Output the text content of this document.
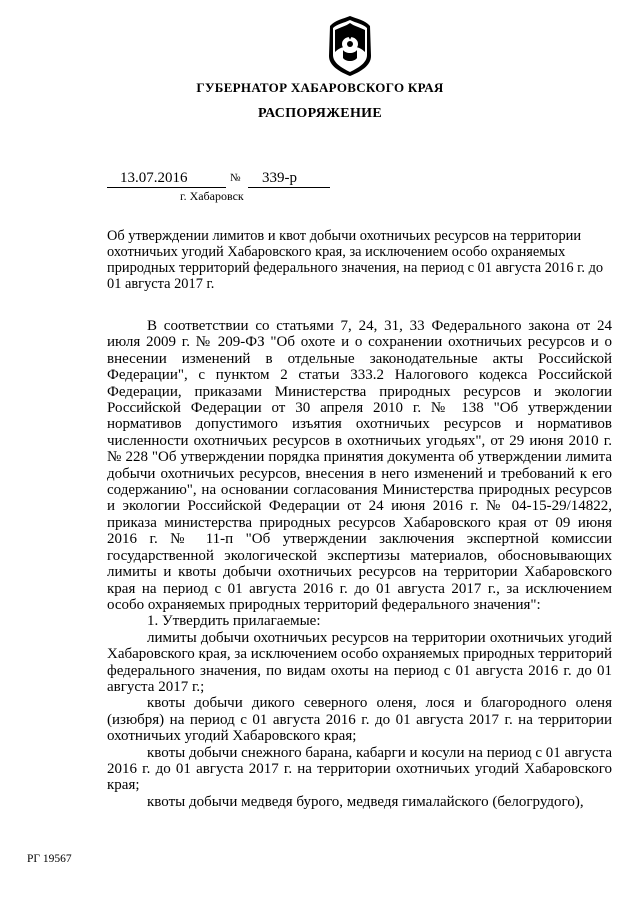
ГУБЕРНАТОР ХАБАРОВСКОГО КРАЯ
РАСПОРЯЖЕНИЕ
13.07.2016	№ 339-р
г. Хабаровск
Об утверждении лимитов и квот добычи охотничьих ресурсов на территории охотничьих угодий Хабаровского края, за исключением особо охраняемых природных территорий федерального значения, на период с 01 августа 2016 г. до 01 августа 2017 г.

В соответствии со статьями 7, 24, 31, 33 Федерального закона от 24 июля 2009 г. № 209-ФЗ "Об охоте и о сохранении охотничьих ресурсов и о внесении изменений в отдельные законодательные акты Российской Федерации", с пунктом 2 статьи 333.2 Налогового кодекса Российской Федерации, приказами Министерства природных ресурсов и экологии Российской Федерации от 30 апреля 2010 г. № 138 "Об утверждении нормативов допустимого изъятия охотничьих ресурсов и нормативов численности охотничьих ресурсов в охотничьих угодьях", от 29 июня 2010 г. № 228 "Об утверждении порядка принятия документа об утверждении лимита добычи охотничьих ресурсов, внесения в него изменений и требований к его содержанию", на основании согласования Министерства природных ресурсов и экологии Российской Федерации от 24 июня 2016 г. № 04-15-29/14822, приказа министерства природных ресурсов Хабаровского края от 09 июня 2016 г. № 11-п "Об утверждении заключения экспертной комиссии государственной экологической экспертизы материалов, обосновывающих лимиты и квоты добычи охотничьих ресурсов на территории Хабаровского края на период с 01 августа 2016 г. до 01 августа 2017 г., за исключением особо охраняемых природных территорий федерального значения":

1. Утвердить прилагаемые:

лимиты добычи охотничьих ресурсов на территории охотничьих угодий Хабаровского края, за исключением особо охраняемых природных территорий федерального значения, по видам охоты на период с 01 августа 2016 г. до 01 августа 2017 г.;

квоты добычи дикого северного оленя, лося и благородного оленя (изюбря) на период с 01 августа 2016 г. до 01 августа 2017 г. на территории охотничьих угодий Хабаровского края;

квоты добычи снежного барана, кабарги и косули на период с 01 августа 2016 г. до 01 августа 2017 г. на территории охотничьих угодий Хабаровского края;

квоты добычи медведя бурого, медведя гималайского (белогрудого),

РГ 19567
